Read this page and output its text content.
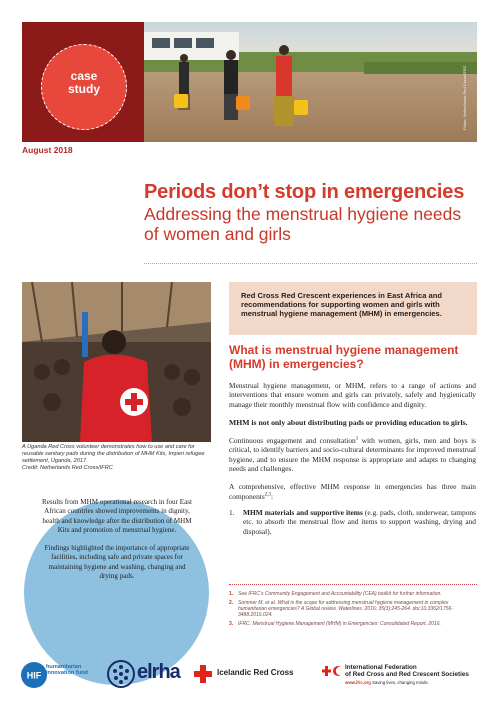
case
study	Photo: Netherlands Red Cross/IFRC
August 2018
Periods don’t stop in emergencies
Addressing the menstrual hygiene needs of women and girls
A Uganda Red Cross volunteer demonstrates how to use and care for reusable sanitary pads during the distribution of MHM Kits, Imperi refugee settlement, Uganda, 2017.
Credit: Netherlands Red Cross/IFRC

Results from MHM operational research in four East African countries showed improvements in dignity, health and knowledge after the distribution of MHM Kits and promotion of menstrual hygiene.

Findings highlighted the importance of appropriate facilities, including safe and private spaces for maintaining hygiene and washing, changing and drying pads.

Red Cross Red Crescent experiences in East Africa and recommendations for supporting women and girls with menstrual hygiene management (MHM) in emergencies.
What is menstrual hygiene management (MHM) in emergencies?

Menstrual hygiene management, or MHM, refers to a range of actions and interventions that ensure women and girls can privately, safely and hygienically manage their monthly menstrual flow with confidence and dignity.

MHM is not only about distributing pads or providing education to girls.

Continuous engagement and consultation$^1$ with women, girls, men and boys is critical, to identify barriers and socio-cultural determinants for improved menstrual hygiene, and to ensure the MHM response is appropriate and adapts to changing needs and challenges.

A comprehensive, effective MHM response in emergencies has three main components$^{2,3}$:

1.	MHM materials and supportive items (e.g. pads, cloth, underwear, tampons etc. to absorb the menstrual flow and items to support washing, drying and disposal).
1. See IFRC’s Community Engagement and Accountability (CEA) toolkit for further information.
2. Sommer M, et al. What is the scope for addressing menstrual hygiene management in complex humanitarian emergencies? A Global review. Waterlines. 2016; 35(3):245-264. doi:10.3362/1756-3488.2016.024.
3. IFRC. Menstrual Hygiene Management (MHM) in Emergencies: Consolidated Report. 2016.
HIF
humanitarian
innovation fund elrha	Icelandic Red Cross
International Federation
of Red Cross and Red Crescent Societies
www.ifrc.org Saving lives, changing minds.
